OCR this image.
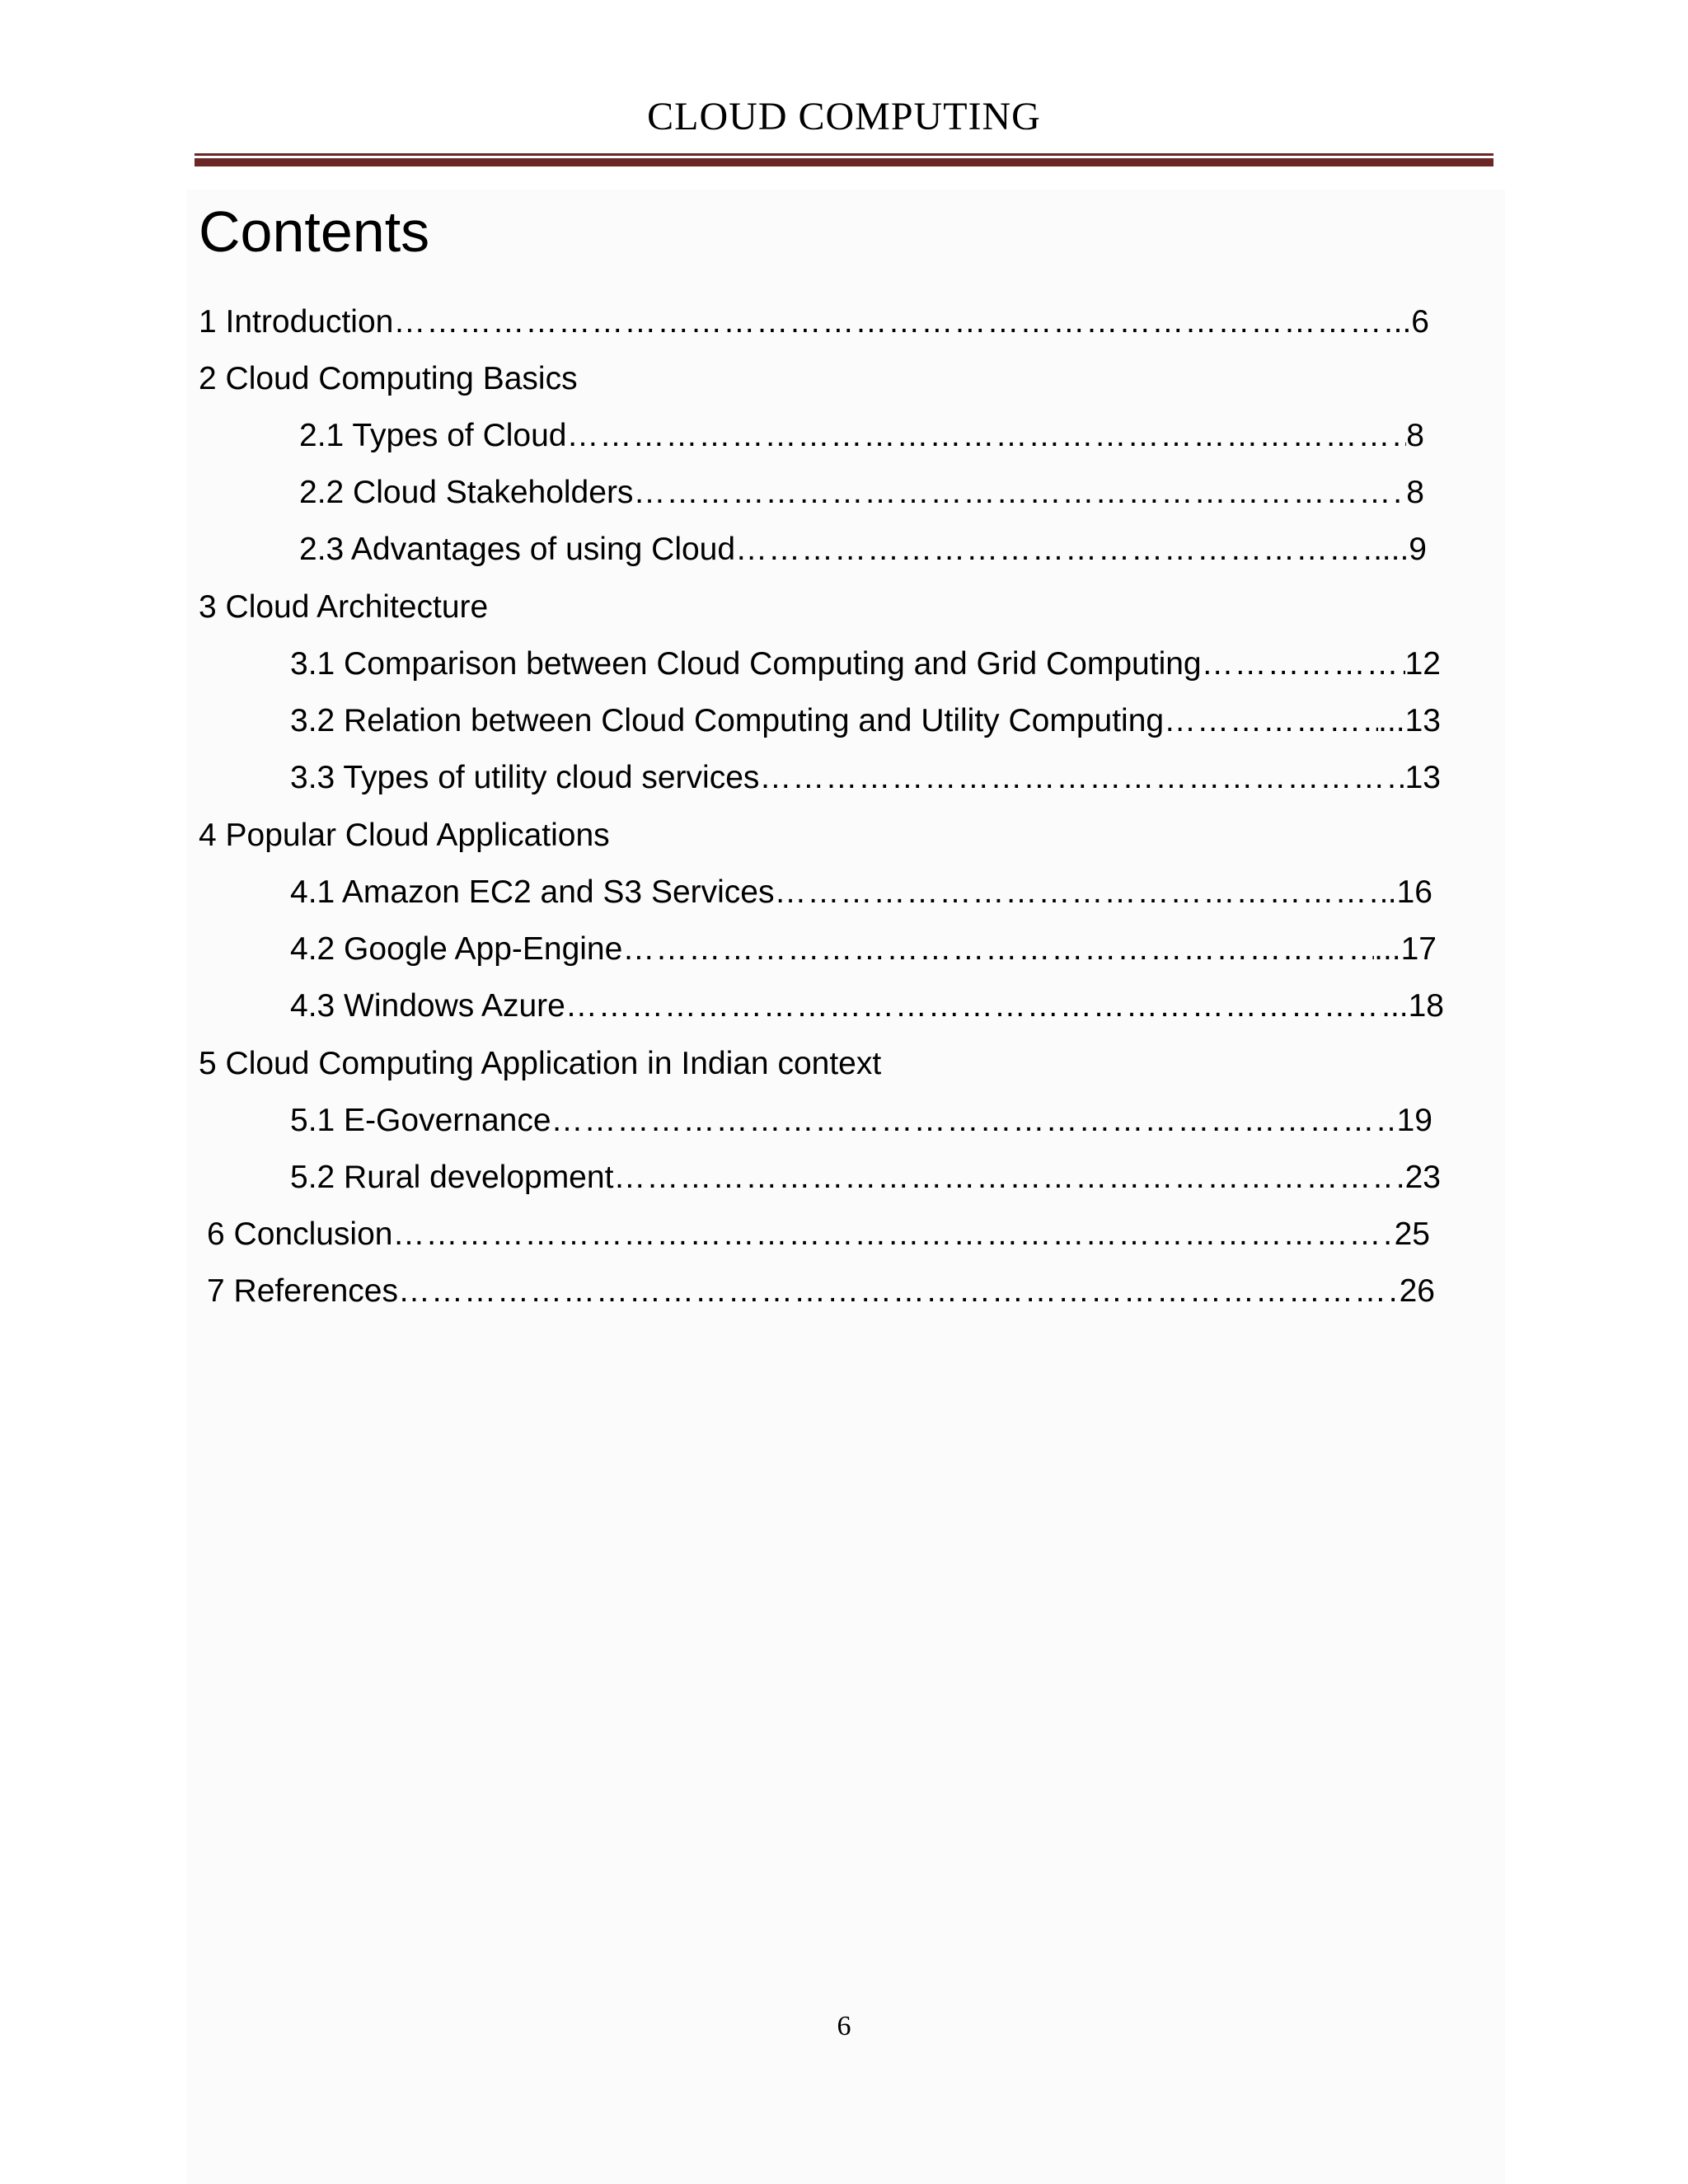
CLOUD COMPUTING
Contents
1 Introduction ……………………………………………………………………………………………………………………………………………………………………………………………	..6
2 Cloud Computing Basics
2.1 Types of Cloud ……………………………………………………………………………………………………………………………………………………………………………………………	8
2.2 Cloud Stakeholders ……………………………………………………………………………………………………………………………………………………………………………………………	8
2.3 Advantages of using Cloud ……………………………………………………………………………………………………………………………………………………………………………………………	...9
3 Cloud Architecture
3.1 Comparison between Cloud Computing and Grid Computing ……………………………………………………………………………………………………………………………………………………………………………………………	12
3.2 Relation between Cloud Computing and Utility Computing ……………………………………………………………………………………………………………………………………………………………………………………………	...13
3.3 Types of utility cloud services ……………………………………………………………………………………………………………………………………………………………………………………………	13
4 Popular Cloud Applications
4.1 Amazon EC2 and S3 Services ……………………………………………………………………………………………………………………………………………………………………………………………	.16
4.2 Google App-Engine ……………………………………………………………………………………………………………………………………………………………………………………………	...17
4.3 Windows Azure ……………………………………………………………………………………………………………………………………………………………………………………………	...18
5 Cloud Computing Application in Indian context
5.1 E-Governance ……………………………………………………………………………………………………………………………………………………………………………………………	19
5.2 Rural development ……………………………………………………………………………………………………………………………………………………………………………………………	.23
6 Conclusion ……………………………………………………………………………………………………………………………………………………………………………………………	25
7 References ……………………………………………………………………………………………………………………………………………………………………………………………	26
6
